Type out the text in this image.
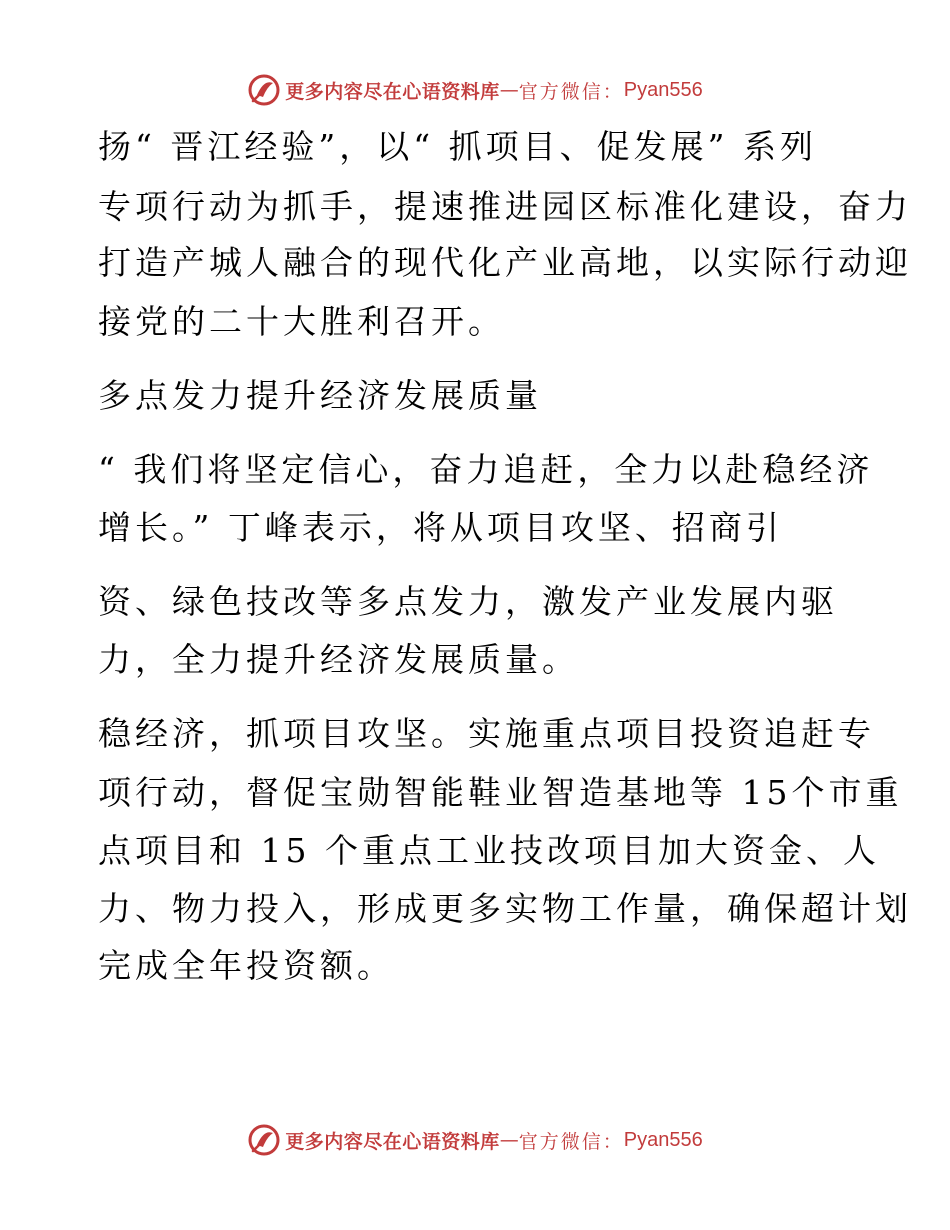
更多内容尽在心语资料库 — 官方微信： Pyan556
扬“ 晋江经验”，以“ 抓项目、促发展” 系列
专项行动为抓手，提速推进园区标准化建设，奋力
打造产城人融合的现代化产业高地，以实际行动迎
接党的二十大胜利召开。
多点发力提升经济发展质量
“ 我们将坚定信心，奋力追赶，全力以赴稳经济
增长。” 丁峰表示，将从项目攻坚、招商引
资、绿色技改等多点发力，激发产业发展内驱
力，全力提升经济发展质量。
稳经济，抓项目攻坚。实施重点项目投资追赶专
项行动，督促宝勋智能鞋业智造基地等 15个市重
点项目和 15 个重点工业技改项目加大资金、人
力、物力投入，形成更多实物工作量，确保超计划
完成全年投资额。
更多内容尽在心语资料库 — 官方微信： Pyan556
